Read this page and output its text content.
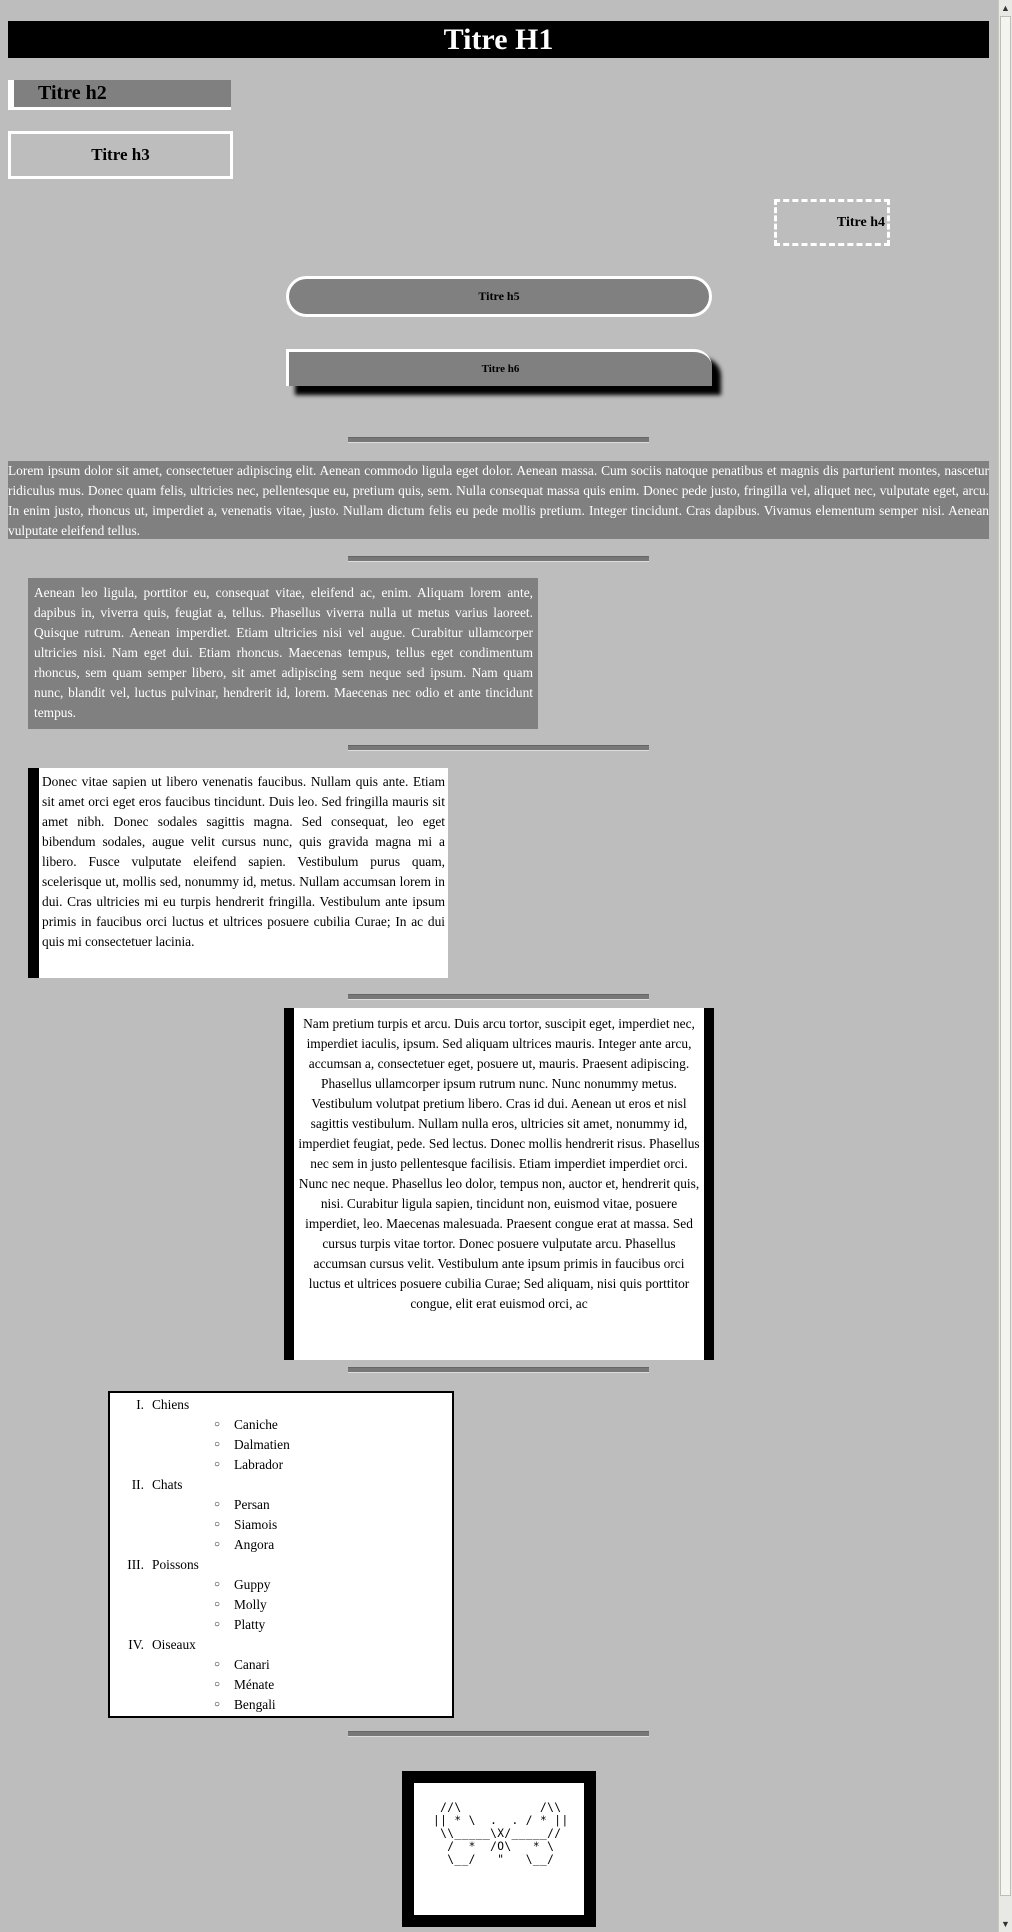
Titre H1
Titre h2
Titre h3
Titre h4
Titre h5
Titre h6

Lorem ipsum dolor sit amet, consectetuer adipiscing elit. Aenean commodo ligula eget dolor. Aenean massa. Cum sociis natoque penatibus et magnis dis parturient montes, nascetur ridiculus mus. Donec quam felis, ultricies nec, pellentesque eu, pretium quis, sem. Nulla consequat massa quis enim. Donec pede justo, fringilla vel, aliquet nec, vulputate eget, arcu. In enim justo, rhoncus ut, imperdiet a, venenatis vitae, justo. Nullam dictum felis eu pede mollis pretium. Integer tincidunt. Cras dapibus. Vivamus elementum semper nisi. Aenean vulputate eleifend tellus.

Aenean leo ligula, porttitor eu, consequat vitae, eleifend ac, enim. Aliquam lorem ante, dapibus in, viverra quis, feugiat a, tellus. Phasellus viverra nulla ut metus varius laoreet. Quisque rutrum. Aenean imperdiet. Etiam ultricies nisi vel augue. Curabitur ullamcorper ultricies nisi. Nam eget dui. Etiam rhoncus. Maecenas tempus, tellus eget condimentum rhoncus, sem quam semper libero, sit amet adipiscing sem neque sed ipsum. Nam quam nunc, blandit vel, luctus pulvinar, hendrerit id, lorem. Maecenas nec odio et ante tincidunt tempus.

Donec vitae sapien ut libero venenatis faucibus. Nullam quis ante. Etiam sit amet orci eget eros faucibus tincidunt. Duis leo. Sed fringilla mauris sit amet nibh. Donec sodales sagittis magna. Sed consequat, leo eget bibendum sodales, augue velit cursus nunc, quis gravida magna mi a libero. Fusce vulputate eleifend sapien. Vestibulum purus quam, scelerisque ut, mollis sed, nonummy id, metus. Nullam accumsan lorem in dui. Cras ultricies mi eu turpis hendrerit fringilla. Vestibulum ante ipsum primis in faucibus orci luctus et ultrices posuere cubilia Curae; In ac dui quis mi consectetuer lacinia.

Nam pretium turpis et arcu. Duis arcu tortor, suscipit eget, imperdiet nec, imperdiet iaculis, ipsum. Sed aliquam ultrices mauris. Integer ante arcu, accumsan a, consectetuer eget, posuere ut, mauris. Praesent adipiscing. Phasellus ullamcorper ipsum rutrum nunc. Nunc nonummy metus. Vestibulum volutpat pretium libero. Cras id dui. Aenean ut eros et nisl sagittis vestibulum. Nullam nulla eros, ultricies sit amet, nonummy id, imperdiet feugiat, pede. Sed lectus. Donec mollis hendrerit risus. Phasellus nec sem in justo pellentesque facilisis. Etiam imperdiet imperdiet orci. Nunc nec neque. Phasellus leo dolor, tempus non, auctor et, hendrerit quis, nisi. Curabitur ligula sapien, tincidunt non, euismod vitae, posuere imperdiet, leo. Maecenas malesuada. Praesent congue erat at massa. Sed cursus turpis vitae tortor. Donec posuere vulputate arcu. Phasellus accumsan cursus velit. Vestibulum ante ipsum primis in faucibus orci luctus et ultrices posuere cubilia Curae; Sed aliquam, nisi quis porttitor congue, elit erat euismod orci, ac

I. Chiens
○ Caniche
○ Dalmatien
○ Labrador
II. Chats
○ Persan
○ Siamois
○ Angora
III. Poissons
○ Guppy
○ Molly
○ Platty
IV. Oiseaux
○ Canari
○ Ménate
○ Bengali
//\           /\\
|| * \  .  . / * ||
\\_____\X/_____//
/  *  /O\   * \
\__/   "   \__/
▲
▼
